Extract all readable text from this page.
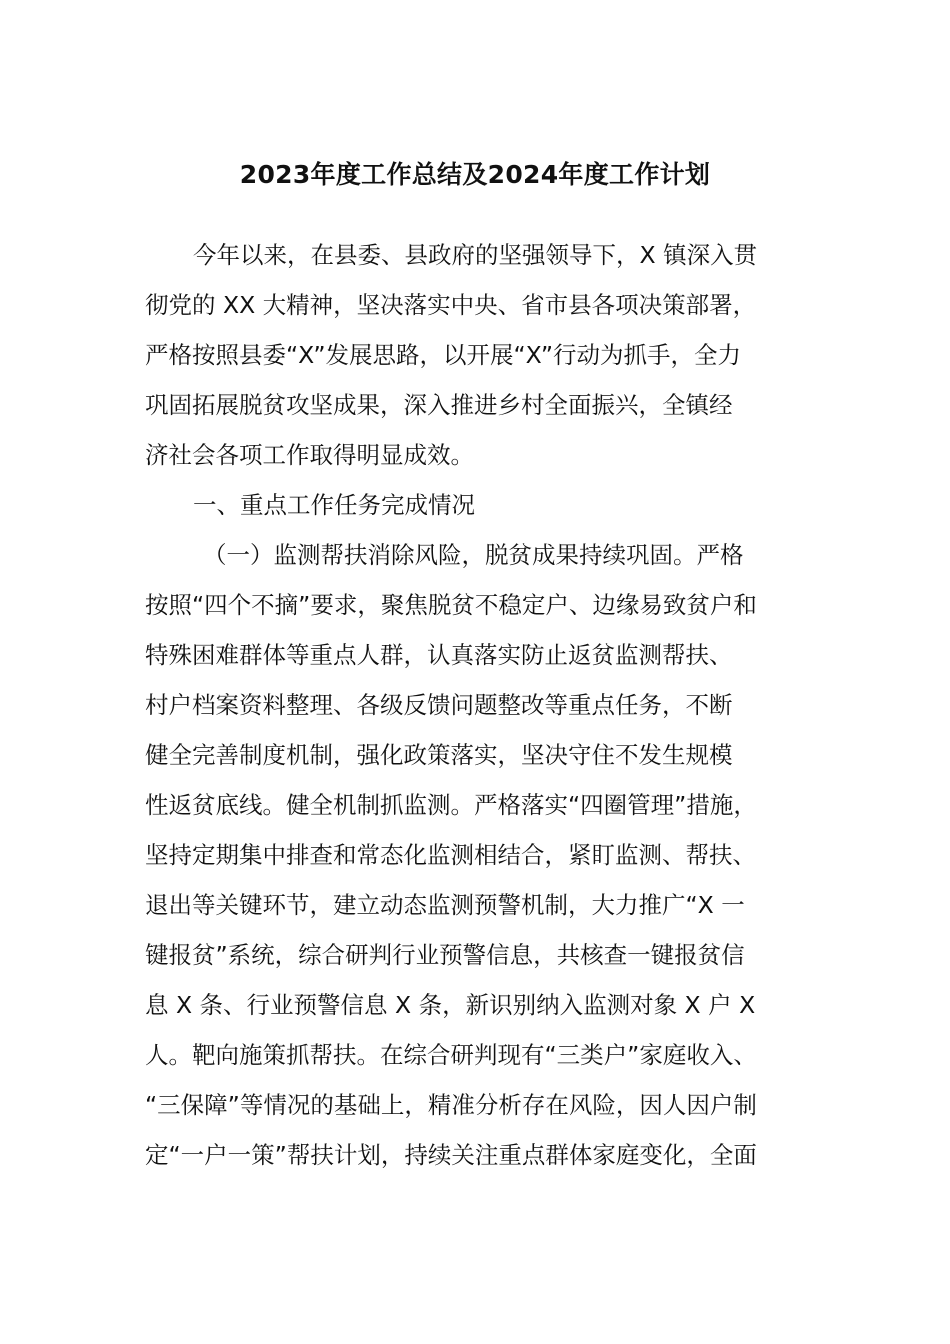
2023年度工作总结及2024年度工作计划
今年以来，在县委、县政府的坚强领导下，X 镇深入贯
彻党的 XX 大精神，坚决落实中央、省市县各项决策部署，
严格按照县委“X”发展思路，以开展“X”行动为抓手，全力
巩固拓展脱贫攻坚成果，深入推进乡村全面振兴，全镇经
济社会各项工作取得明显成效。
一、重点工作任务完成情况
（一）监测帮扶消除风险，脱贫成果持续巩固。严格
按照“四个不摘”要求，聚焦脱贫不稳定户、边缘易致贫户和
特殊困难群体等重点人群，认真落实防止返贫监测帮扶、
村户档案资料整理、各级反馈问题整改等重点任务，不断
健全完善制度机制，强化政策落实，坚决守住不发生规模
性返贫底线。健全机制抓监测。严格落实“四圈管理”措施，
坚持定期集中排查和常态化监测相结合，紧盯监测、帮扶、
退出等关键环节，建立动态监测预警机制，大力推广“X 一
键报贫”系统，综合研判行业预警信息，共核查一键报贫信
息 X 条、行业预警信息 X 条，新识别纳入监测对象 X 户 X
人。靶向施策抓帮扶。在综合研判现有“三类户”家庭收入、
“三保障”等情况的基础上，精准分析存在风险，因人因户制
定“一户一策”帮扶计划，持续关注重点群体家庭变化，全面
